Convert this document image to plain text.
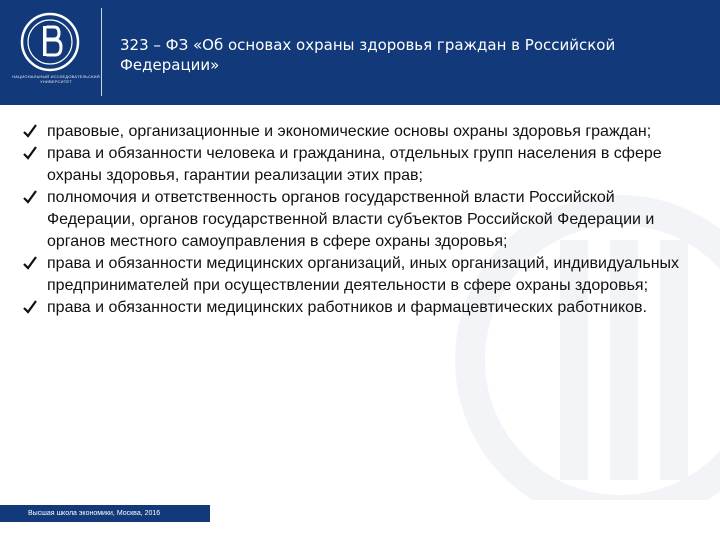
НАЦИОНАЛЬНЫЙ ИССЛЕДОВАТЕЛЬСКИЙ УНИВЕРСИТЕТ
323 – ФЗ «Об основах охраны здоровья граждан в Российской Федерации»
правовые, организационные и экономические основы охраны здоровья граждан;
права и обязанности человека и гражданина, отдельных групп населения в сфере охраны здоровья, гарантии реализации этих прав;
полномочия и ответственность органов государственной власти Российской Федерации, органов государственной власти субъектов Российской Федерации и органов местного самоуправления в сфере охраны здоровья;
права и обязанности медицинских организаций, иных организаций, индивидуальных предпринимателей при осуществлении деятельности в сфере охраны здоровья;
права и обязанности медицинских работников и фармацевтических работников.
Высшая школа экономики, Москва, 2016
